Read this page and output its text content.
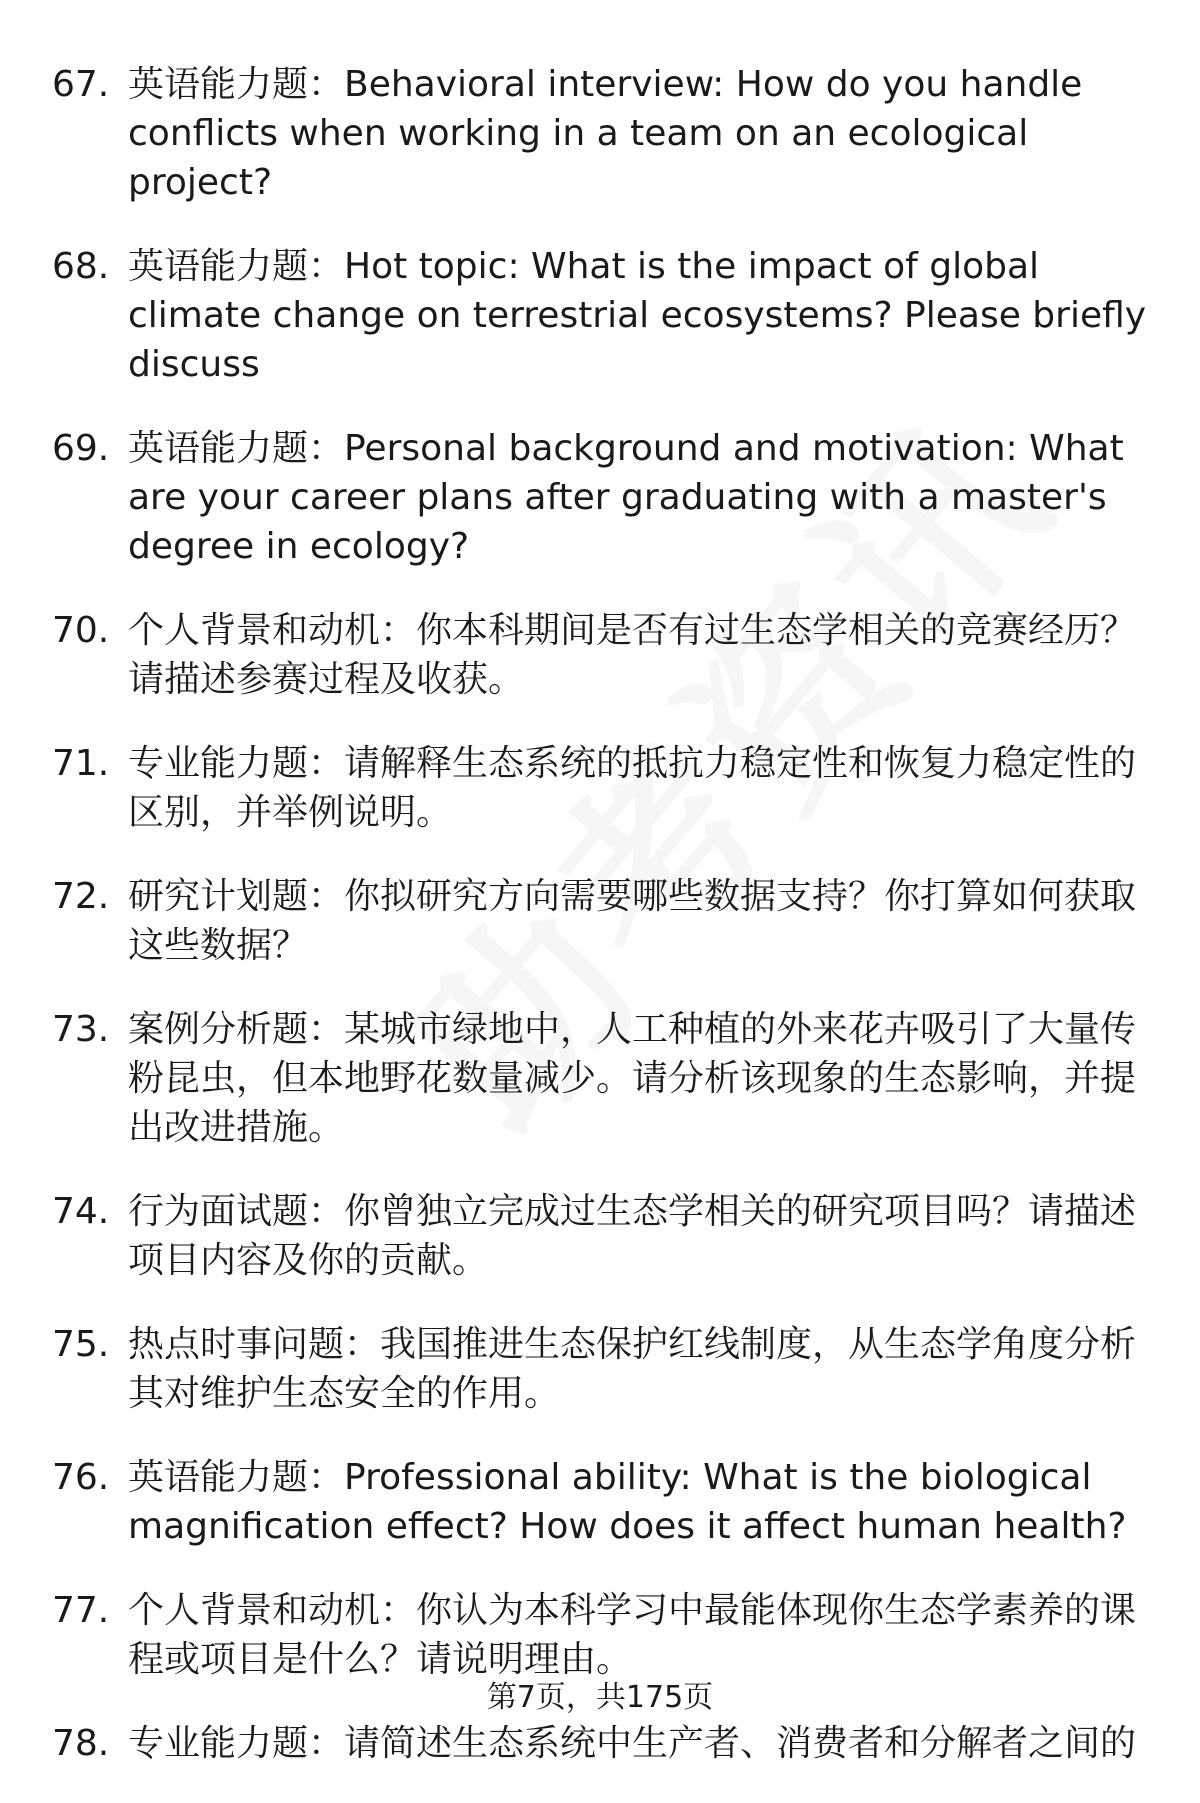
67. 英语能力题：Behavioral interview: How do you handle conflicts when working in a team on an ecological project?
68. 英语能力题：Hot topic: What is the impact of global climate change on terrestrial ecosystems? Please briefly discuss
69. 英语能力题：Personal background and motivation: What are your career plans after graduating with a master's degree in ecology?
70. 个人背景和动机：你本科期间是否有过生态学相关的竞赛经历？请描述参赛过程及收获。
71. 专业能力题：请解释生态系统的抵抗力稳定性和恢复力稳定性的区别，并举例说明。
72. 研究计划题：你拟研究方向需要哪些数据支持？你打算如何获取这些数据？
73. 案例分析题：某城市绿地中，人工种植的外来花卉吸引了大量传粉昆虫，但本地野花数量减少。请分析该现象的生态影响，并提出改进措施。
74. 行为面试题：你曾独立完成过生态学相关的研究项目吗？请描述项目内容及你的贡献。
75. 热点时事问题：我国推进生态保护红线制度，从生态学角度分析其对维护生态安全的作用。
76. 英语能力题：Professional ability: What is the biological magnification effect? How does it affect human health?
77. 个人背景和动机：你认为本科学习中最能体现你生态学素养的课程或项目是什么？请说明理由。
78. 专业能力题：请简述生态系统中生产者、消费者和分解者之间的
第7页，共175页
